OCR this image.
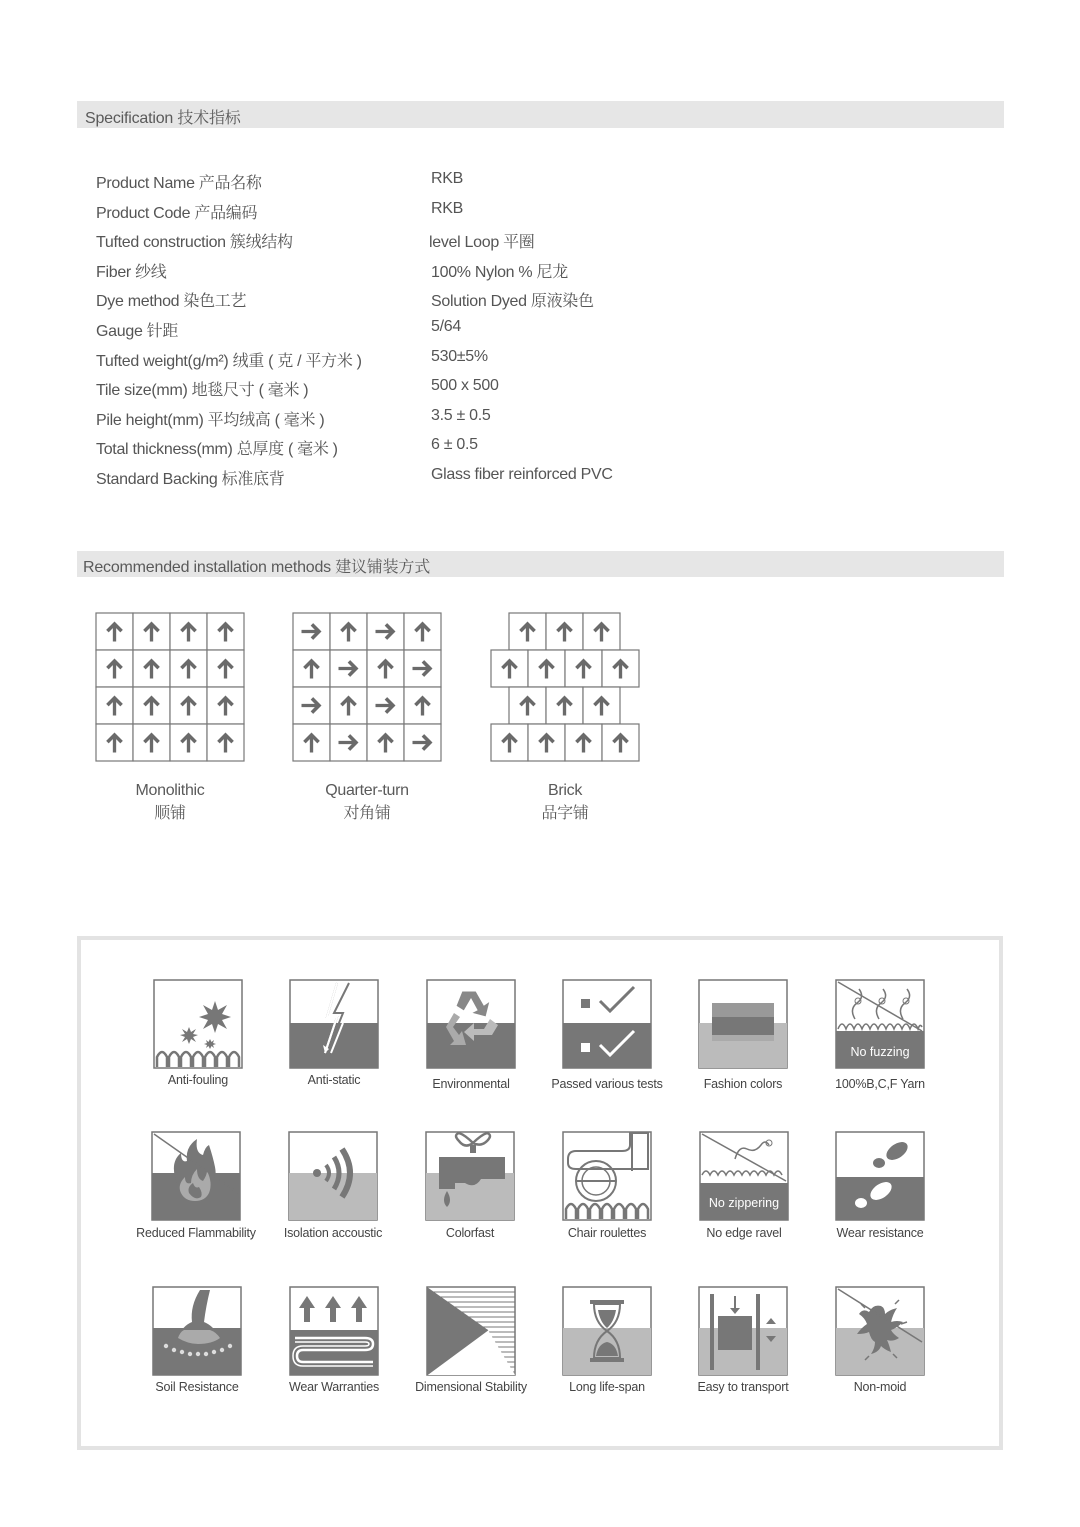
Specification 技术指标
Product Name 产品名称	RKB
Product Code 产品编码	RKB
Tufted construction 簇绒结构	level Loop 平圈
Fiber 纱线	100% Nylon % 尼龙
Dye method 染色工艺	Solution Dyed 原液染色
Gauge 针距	5/64
Tufted weight(g/m²) 绒重 ( 克 / 平方米 )	530±5%
Tile size(mm) 地毯尺寸 ( 毫米 )	500 x 500
Pile height(mm) 平均绒高 ( 毫米 )	3.5 ± 0.5
Total thickness(mm) 总厚度 ( 毫米 )	6 ± 0.5
Standard Backing 标准底背	Glass fiber reinforced PVC
Recommended installation methods 建议铺装方式
Monolithic
顺铺
Quarter-turn
对角铺
Brick
品字铺
Anti-fouling	Anti-static	Environmental	Passed various tests	Fashion colors
No fuzzing
100%B,C,F Yarn
Reduced Flammability	Isolation accoustic	Colorfast	Chair roulettes
No zippering
No edge ravel	Wear resistance
Soil Resistance	Wear Warranties	Dimensional Stability	Long life-span	Easy to transport	Non-moid
